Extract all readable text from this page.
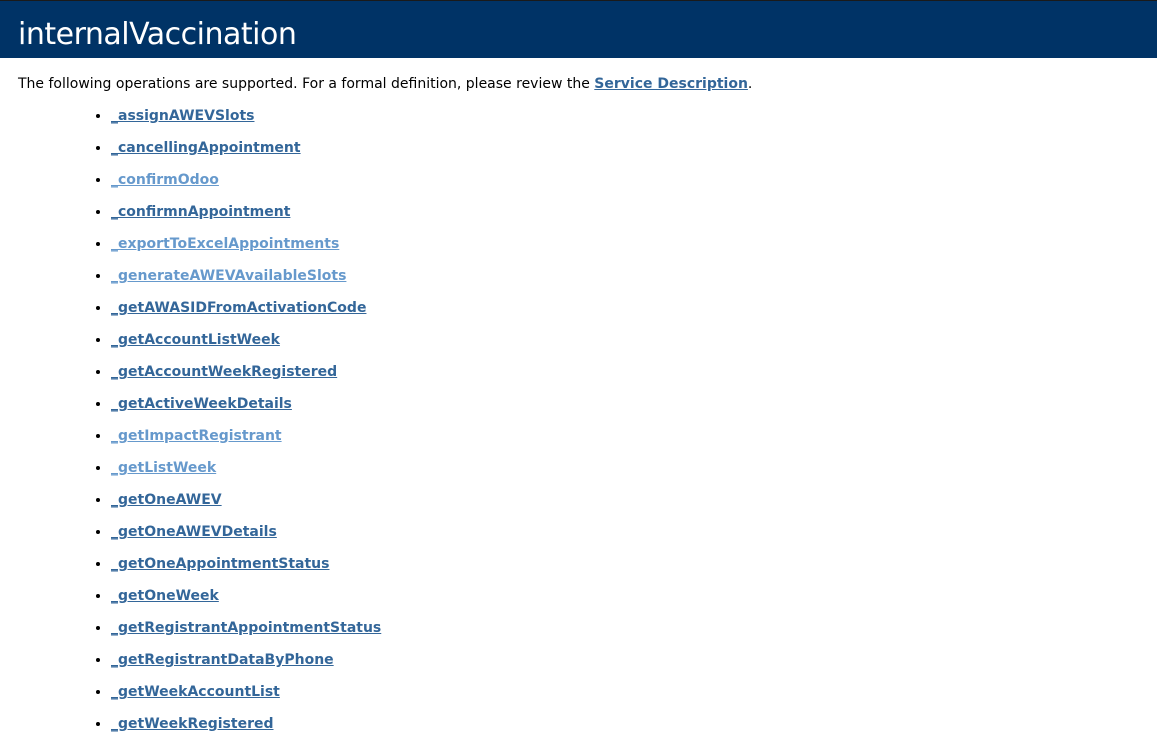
internalVaccination

The following operations are supported. For a formal definition, please review the Service Description.

• _assignAWEVSlots
• _cancellingAppointment
• _confirmOdoo
• _confirmnAppointment
• _exportToExcelAppointments
• _generateAWEVAvailableSlots
• _getAWASIDFromActivationCode
• _getAccountListWeek
• _getAccountWeekRegistered
• _getActiveWeekDetails
• _getImpactRegistrant
• _getListWeek
• _getOneAWEV
• _getOneAWEVDetails
• _getOneAppointmentStatus
• _getOneWeek
• _getRegistrantAppointmentStatus
• _getRegistrantDataByPhone
• _getWeekAccountList
• _getWeekRegistered
